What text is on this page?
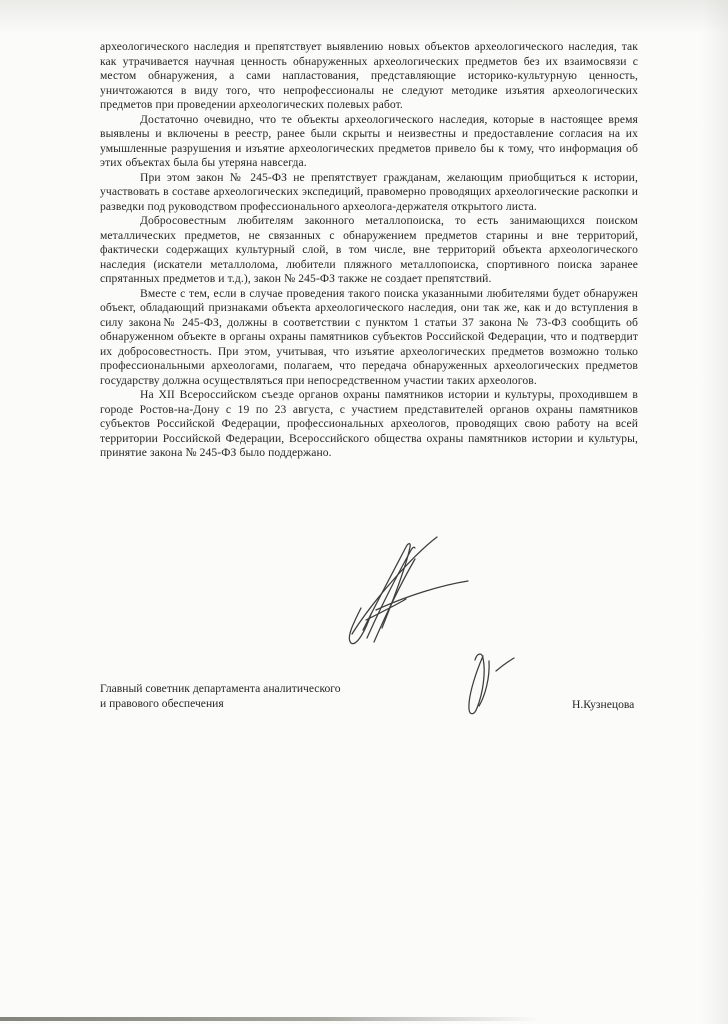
археологического наследия и препятствует выявлению новых объектов археологического наследия, так как утрачивается научная ценность обнаруженных археологических предметов без их взаимосвязи с местом обнаружения, а сами напластования, представляющие историко-культурную ценность, уничтожаются в виду того, что непрофессионалы не следуют методике изъятия археологических предметов при проведении археологических полевых работ.

Достаточно очевидно, что те объекты археологического наследия, которые в настоящее время выявлены и включены в реестр, ранее были скрыты и неизвестны и предоставление согласия на их умышленные разрушения и изъятие археологических предметов привело бы к тому, что информация об этих объектах была бы утеряна навсегда.

При этом закон № 245-ФЗ не препятствует гражданам, желающим приобщиться к истории, участвовать в составе археологических экспедиций, правомерно проводящих археологические раскопки и разведки под руководством профессионального археолога-держателя открытого листа.

Добросовестным любителям законного металлопоиска, то есть занимающихся поиском металлических предметов, не связанных с обнаружением предметов старины и вне территорий, фактически содержащих культурный слой, в том числе, вне территорий объекта археологического наследия (искатели металлолома, любители пляжного металлопоиска, спортивного поиска заранее спрятанных предметов и т.д.), закон № 245-ФЗ также не создает препятствий.

Вместе с тем, если в случае проведения такого поиска указанными любителями будет обнаружен объект, обладающий признаками объекта археологического наследия, они так же, как и до вступления в силу закона№ 245-ФЗ, должны в соответствии с пунктом 1 статьи 37 закона № 73-ФЗ сообщить об обнаруженном объекте в органы охраны памятников субъектов Российской Федерации, что и подтвердит их добросовестность. При этом, учитывая, что изъятие археологических предметов возможно только профессиональными археологами, полагаем, что передача обнаруженных археологических предметов государству должна осуществляться при непосредственном участии таких археологов.

На XII Всероссийском съезде органов охраны памятников истории и культуры, проходившем в городе Ростов-на-Дону с 19 по 23 августа, с участием представителей органов охраны памятников субъектов Российской Федерации, профессиональных археологов, проводящих свою работу на всей территории Российской Федерации, Всероссийского общества охраны памятников истории и культуры, принятие закона № 245-ФЗ было поддержано.

Главный советник департамента аналитического
и правового обеспечения	Н.Кузнецова
